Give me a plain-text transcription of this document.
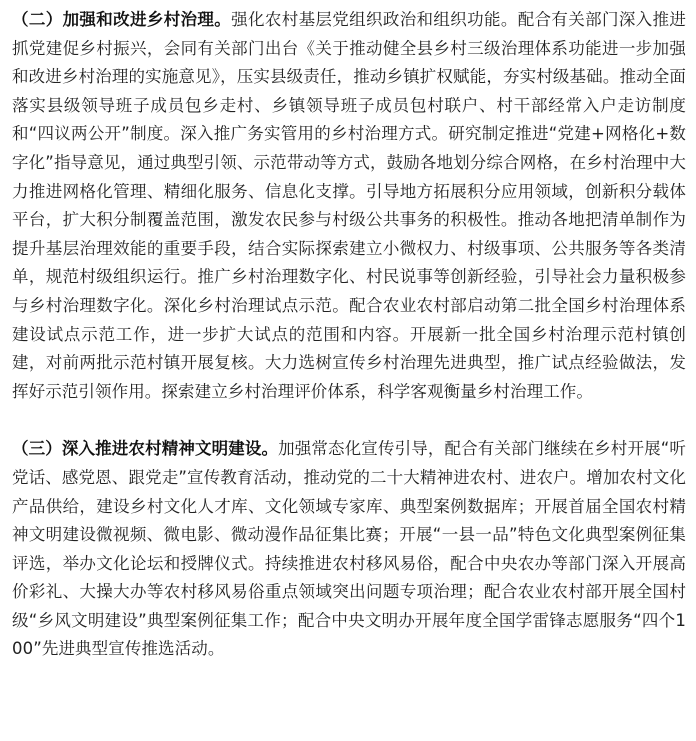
（二）加强和改进乡村治理。强化农村基层党组织政治和组织功能。配合有关部门深入推进抓党建促乡村振兴，会同有关部门出台《关于推动健全县乡村三级治理体系功能进一步加强和改进乡村治理的实施意见》，压实县级责任，推动乡镇扩权赋能，夯实村级基础。推动全面落实县级领导班子成员包乡走村、乡镇领导班子成员包村联户、村干部经常入户走访制度和“四议两公开”制度。深入推广务实管用的乡村治理方式。研究制定推进“党建+网格化+数字化”指导意见，通过典型引领、示范带动等方式，鼓励各地划分综合网格，在乡村治理中大力推进网格化管理、精细化服务、信息化支撑。引导地方拓展积分应用领域，创新积分载体平台，扩大积分制覆盖范围，激发农民参与村级公共事务的积极性。推动各地把清单制作为提升基层治理效能的重要手段，结合实际探索建立小微权力、村级事项、公共服务等各类清单，规范村级组织运行。推广乡村治理数字化、村民说事等创新经验，引导社会力量积极参与乡村治理数字化。深化乡村治理试点示范。配合农业农村部启动第二批全国乡村治理体系建设试点示范工作，进一步扩大试点的范围和内容。开展新一批全国乡村治理示范村镇创建，对前两批示范村镇开展复核。大力选树宣传乡村治理先进典型，推广试点经验做法，发挥好示范引领作用。探索建立乡村治理评价体系，科学客观衡量乡村治理工作。

（三）深入推进农村精神文明建设。加强常态化宣传引导，配合有关部门继续在乡村开展“听党话、感党恩、跟党走”宣传教育活动，推动党的二十大精神进农村、进农户。增加农村文化产品供给，建设乡村文化人才库、文化领域专家库、典型案例数据库；开展首届全国农村精神文明建设微视频、微电影、微动漫作品征集比赛；开展“一县一品”特色文化典型案例征集评选，举办文化论坛和授牌仪式。持续推进农村移风易俗，配合中央农办等部门深入开展高价彩礼、大操大办等农村移风易俗重点领域突出问题专项治理；配合农业农村部开展全国村级“乡风文明建设”典型案例征集工作；配合中央文明办开展年度全国学雷锋志愿服务“四个100”先进典型宣传推选活动。
